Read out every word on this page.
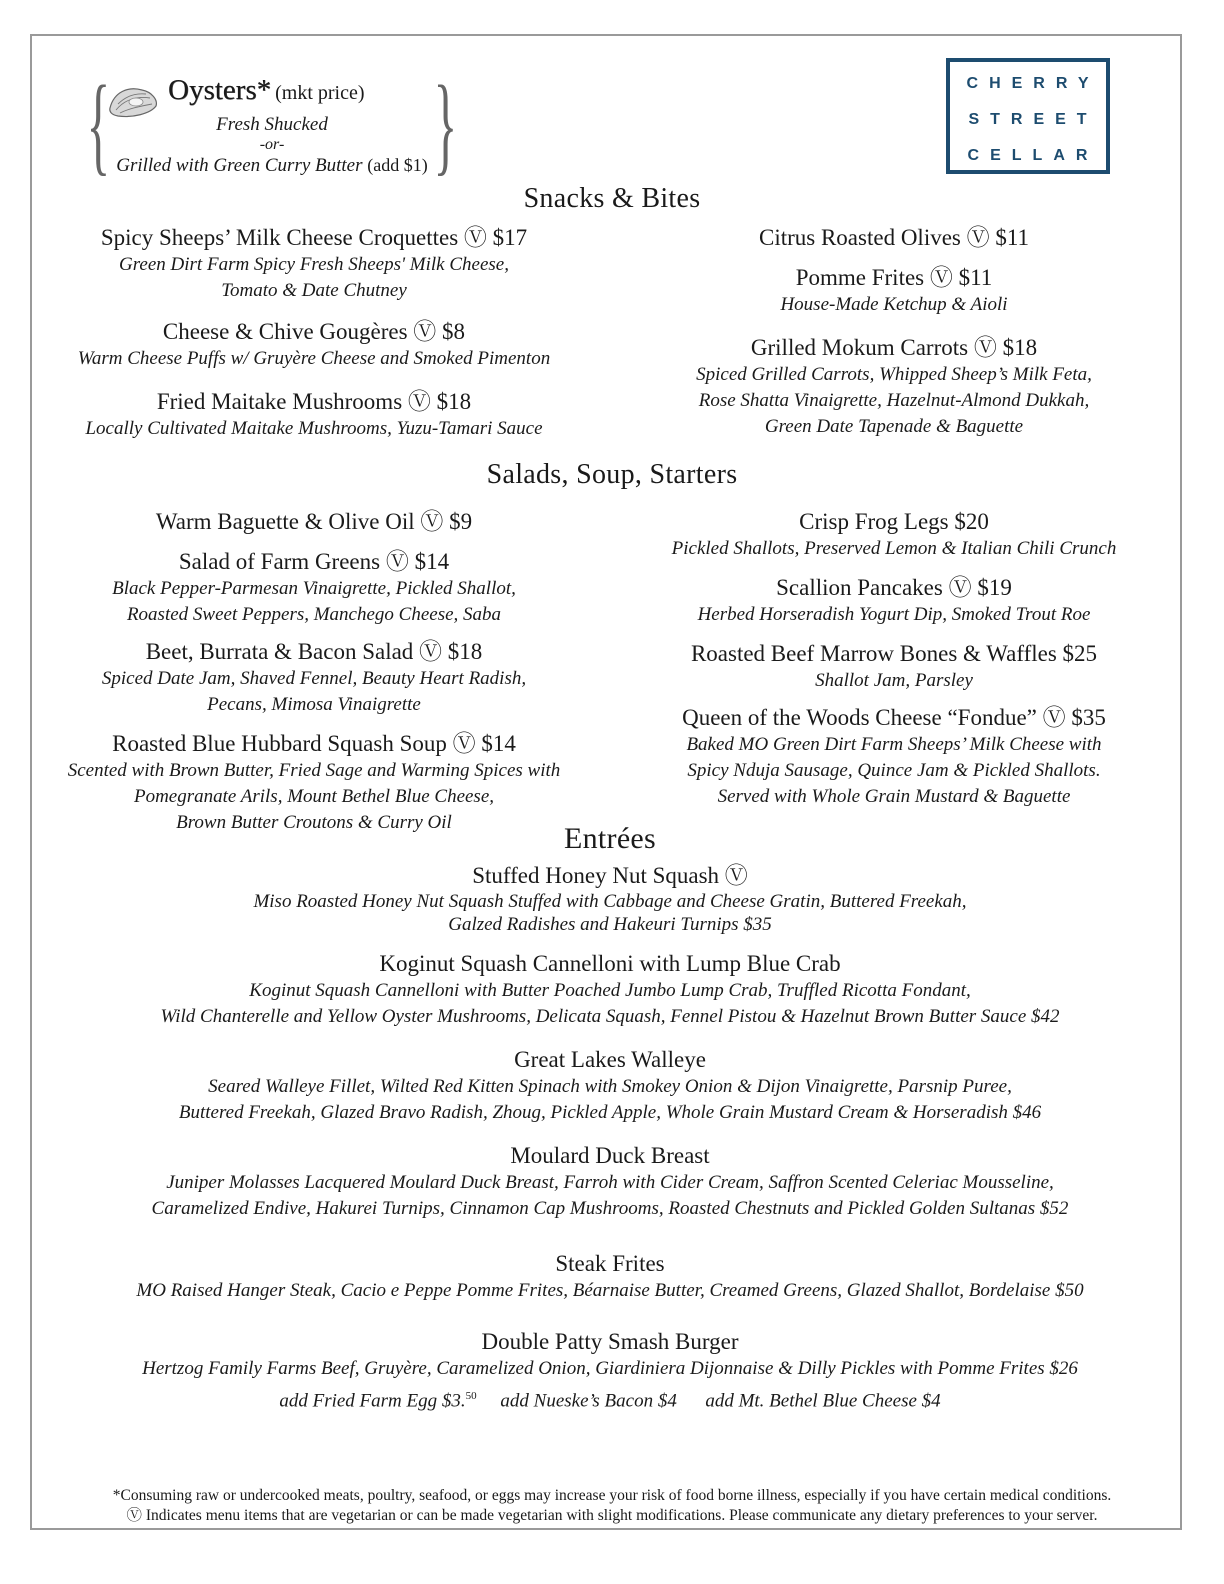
{	}
Oysters* (mkt price)
Fresh Shucked
-or-
Grilled with Green Curry Butter (add $1)
CHERRY
STREET
CELLAR
Snacks & Bites
Spicy Sheeps’ Milk Cheese Croquettes Ⓥ $17
Green Dirt Farm Spicy Fresh Sheeps' Milk Cheese,
Tomato & Date Chutney
Cheese & Chive Gougères Ⓥ $8
Warm Cheese Puffs w/ Gruyère Cheese and Smoked Pimenton
Fried Maitake Mushrooms Ⓥ $18
Locally Cultivated Maitake Mushrooms, Yuzu-Tamari Sauce
Citrus Roasted Olives Ⓥ $11
Pomme Frites Ⓥ $11
House-Made Ketchup & Aioli
Grilled Mokum Carrots Ⓥ $18
Spiced Grilled Carrots, Whipped Sheep’s Milk Feta,
Rose Shatta Vinaigrette, Hazelnut-Almond Dukkah,
Green Date Tapenade & Baguette
Salads, Soup, Starters
Warm Baguette & Olive Oil Ⓥ $9
Salad of Farm Greens Ⓥ $14
Black Pepper-Parmesan Vinaigrette, Pickled Shallot,
Roasted Sweet Peppers, Manchego Cheese, Saba
Beet, Burrata & Bacon Salad Ⓥ $18
Spiced Date Jam, Shaved Fennel, Beauty Heart Radish,
Pecans, Mimosa Vinaigrette
Roasted Blue Hubbard Squash Soup Ⓥ $14
Scented with Brown Butter, Fried Sage and Warming Spices with
Pomegranate Arils, Mount Bethel Blue Cheese,
Brown Butter Croutons & Curry Oil
Crisp Frog Legs $20
Pickled Shallots, Preserved Lemon & Italian Chili Crunch
Scallion Pancakes Ⓥ $19
Herbed Horseradish Yogurt Dip, Smoked Trout Roe
Roasted Beef Marrow Bones & Waffles $25
Shallot Jam, Parsley
Queen of the Woods Cheese “Fondue” Ⓥ $35
Baked MO Green Dirt Farm Sheeps’ Milk Cheese with
Spicy Nduja Sausage, Quince Jam & Pickled Shallots.
Served with Whole Grain Mustard & Baguette
Entrées
Stuffed Honey Nut Squash Ⓥ
Miso Roasted Honey Nut Squash Stuffed with Cabbage and Cheese Gratin, Buttered Freekah,
Galzed Radishes and Hakeuri Turnips $35
Koginut Squash Cannelloni with Lump Blue Crab
Koginut Squash Cannelloni with Butter Poached Jumbo Lump Crab, Truffled Ricotta Fondant,
Wild Chanterelle and Yellow Oyster Mushrooms, Delicata Squash, Fennel Pistou & Hazelnut Brown Butter Sauce $42
Great Lakes Walleye
Seared Walleye Fillet, Wilted Red Kitten Spinach with Smokey Onion & Dijon Vinaigrette, Parsnip Puree,
Buttered Freekah, Glazed Bravo Radish, Zhoug, Pickled Apple, Whole Grain Mustard Cream & Horseradish $46
Moulard Duck Breast
Juniper Molasses Lacquered Moulard Duck Breast, Farroh with Cider Cream, Saffron Scented Celeriac Mousseline,
Caramelized Endive, Hakurei Turnips, Cinnamon Cap Mushrooms, Roasted Chestnuts and Pickled Golden Sultanas $52
Steak Frites
MO Raised Hanger Steak, Cacio e Peppe Pomme Frites, Béarnaise Butter, Creamed Greens, Glazed Shallot, Bordelaise $50
Double Patty Smash Burger
Hertzog Family Farms Beef, Gruyère, Caramelized Onion, Giardiniera Dijonnaise & Dilly Pickles with Pomme Frites $26
add Fried Farm Egg $3.50 add Nueske’s Bacon $4 add Mt. Bethel Blue Cheese $4
*Consuming raw or undercooked meats, poultry, seafood, or eggs may increase your risk of food borne illness, especially if you have certain medical conditions.
Ⓥ Indicates menu items that are vegetarian or can be made vegetarian with slight modifications. Please communicate any dietary preferences to your server.
